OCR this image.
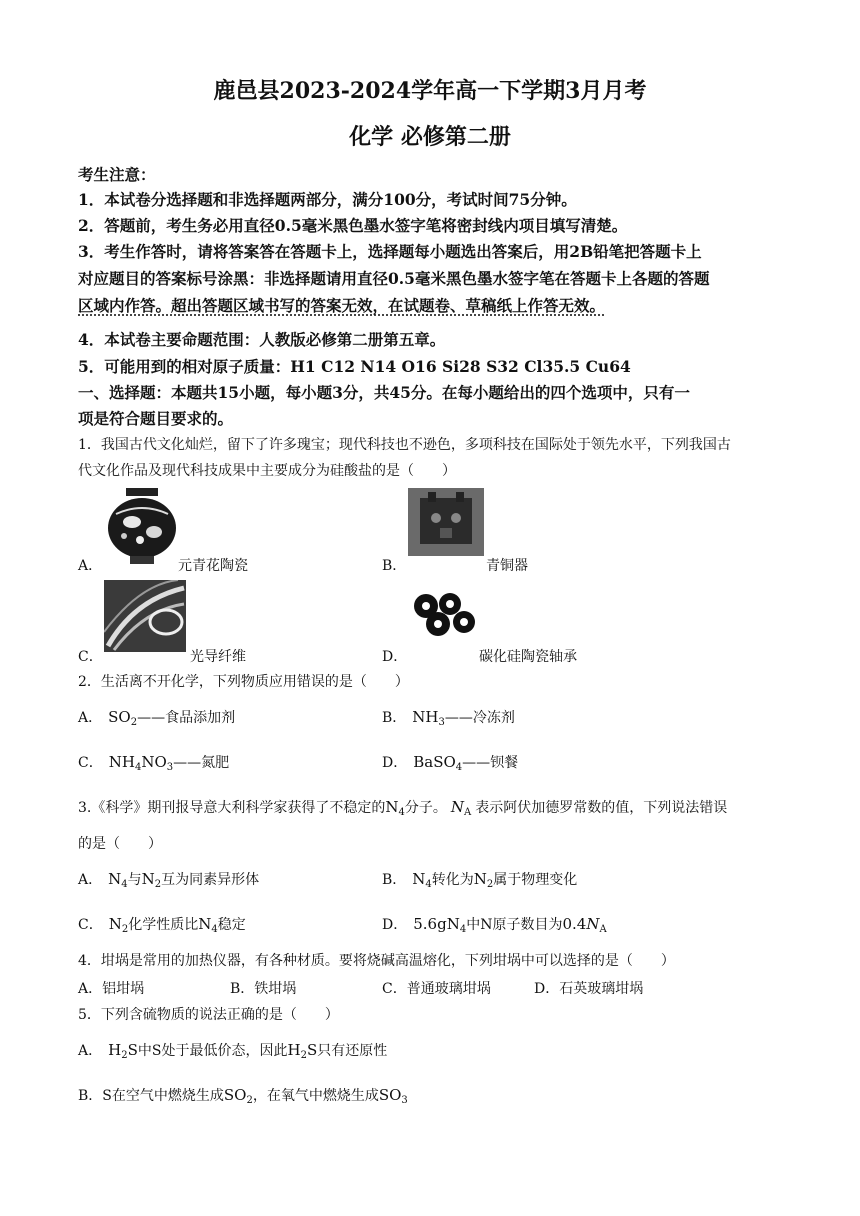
鹿邑县2023-2024学年高一下学期3月月考
化学 必修第二册
考生注意：
1．本试卷分选择题和非选择题两部分，满分100分，考试时间75分钟。
2．答题前，考生务必用直径0.5毫米黑色墨水签字笔将密封线内项目填写清楚。
3．考生作答时，请将答案答在答题卡上，选择题每小题选出答案后，用2B铅笔把答题卡上
对应题目的答案标号涂黑：非选择题请用直径0.5毫米黑色墨水签字笔在答题卡上各题的答题
区域内作答。超出答题区域书写的答案无效，在试题卷、草稿纸上作答无效。
4．本试卷主要命题范围：人教版必修第二册第五章。
5．可能用到的相对原子质量：H1 C12 N14 O16 Si28 S32 Cl35.5 Cu64
一、选择题：本题共15小题，每小题3分，共45分。在每小题给出的四个选项中，只有一
项是符合题目要求的。
1．我国古代文化灿烂，留下了许多瑰宝；现代科技也不逊色，多项科技在国际处于领先水平，下列我国古
代文化作品及现代科技成果中主要成分为硅酸盐的是（　　）
A．	元青花陶瓷	B．	青铜器
C．	光导纤维	D．	碳化硅陶瓷轴承
2．生活离不开化学，下列物质应用错误的是（　　）
A． $SO_2——$食品添加剂	B． $NH_3——$冷冻剂
C． $NH_4NO_3——$氮肥	D． BaSO$_4$——钡餐
3.《科学》期刊报导意大利科学家获得了不稳定的$N_4$分子。 $N_A$ 表示阿伏加德罗常数的值，下列说法错误
的是（　　）
A． $N_4$与$N_2$互为同素异形体	B． $N_4$转化为$N_2$属于物理变化
C． $N_2$化学性质比$N_4$稳定	D． $5.6gN_4$中N原子数目为$0.4N_A$
4．坩埚是常用的加热仪器，有各种材质。要将烧碱高温熔化，下列坩埚中可以选择的是（　　）
A．铝坩埚	B．铁坩埚	C．普通玻璃坩埚	D．石英玻璃坩埚
5．下列含硫物质的说法正确的是（　　）
A． $H_2S$中S处于最低价态，因此$H_2S$只有还原性
B．S在空气中燃烧生成$SO_2$，在氧气中燃烧生成$SO_3$
